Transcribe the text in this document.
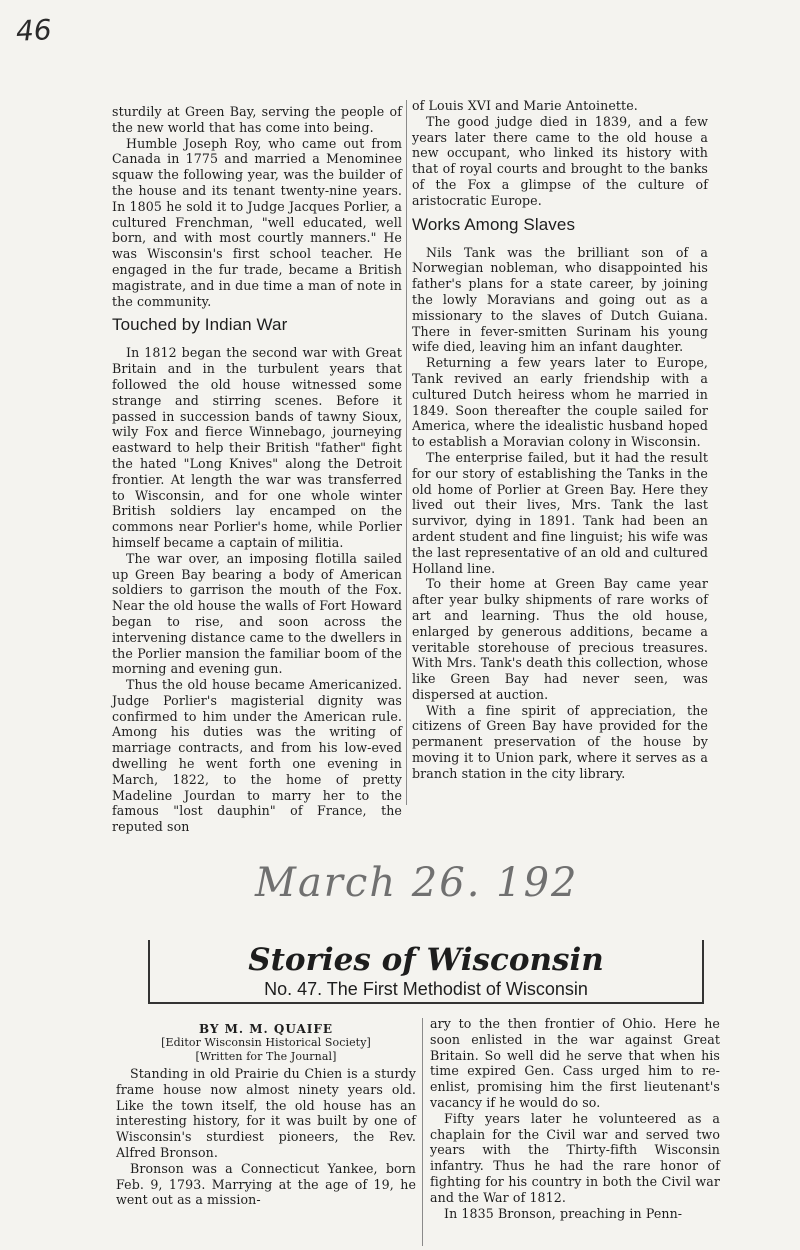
46

sturdily at Green Bay, serving the people of the new world that has come into being.

Humble Joseph Roy, who came out from Canada in 1775 and married a Menominee squaw the following year, was the builder of the house and its tenant twenty-nine years. In 1805 he sold it to Judge Jacques Porlier, a cultured Frenchman, "well educated, well born, and with most courtly manners." He was Wisconsin's first school teacher. He engaged in the fur trade, became a British magistrate, and in due time a man of note in the community.

Touched by Indian War

In 1812 began the second war with Great Britain and in the turbulent years that followed the old house witnessed some strange and stirring scenes. Before it passed in succession bands of tawny Sioux, wily Fox and fierce Winnebago, journeying eastward to help their British "father" fight the hated "Long Knives" along the Detroit frontier. At length the war was transferred to Wisconsin, and for one whole winter British soldiers lay encamped on the commons near Porlier's home, while Porlier himself became a captain of militia.

The war over, an imposing flotilla sailed up Green Bay bearing a body of American soldiers to garrison the mouth of the Fox. Near the old house the walls of Fort Howard began to rise, and soon across the intervening distance came to the dwellers in the Porlier mansion the familiar boom of the morning and evening gun.

Thus the old house became Americanized. Judge Porlier's magisterial dignity was confirmed to him under the American rule. Among his duties was the writing of marriage contracts, and from his low-eved dwelling he went forth one evening in March, 1822, to the home of pretty Madeline Jourdan to marry her to the famous "lost dauphin" of France, the reputed son

of Louis XVI and Marie Antoinette.

The good judge died in 1839, and a few years later there came to the old house a new occupant, who linked its history with that of royal courts and brought to the banks of the Fox a glimpse of the culture of aristocratic Europe.

Works Among Slaves

Nils Tank was the brilliant son of a Norwegian nobleman, who disappointed his father's plans for a state career, by joining the lowly Moravians and going out as a missionary to the slaves of Dutch Guiana. There in fever-smitten Surinam his young wife died, leaving him an infant daughter.

Returning a few years later to Europe, Tank revived an early friendship with a cultured Dutch heiress whom he married in 1849. Soon thereafter the couple sailed for America, where the idealistic husband hoped to establish a Moravian colony in Wisconsin.

The enterprise failed, but it had the result for our story of establishing the Tanks in the old home of Porlier at Green Bay. Here they lived out their lives, Mrs. Tank the last survivor, dying in 1891. Tank had been an ardent student and fine linguist; his wife was the last representative of an old and cultured Holland line.

To their home at Green Bay came year after year bulky shipments of rare works of art and learning. Thus the old house, enlarged by generous additions, became a veritable storehouse of precious treasures. With Mrs. Tank's death this collection, whose like Green Bay had never seen, was dispersed at auction.

With a fine spirit of appreciation, the citizens of Green Bay have provided for the permanent preservation of the house by moving it to Union park, where it serves as a branch station in the city library.

March 26. 192
Stories of Wisconsin
No. 47. The First Methodist of Wisconsin
BY M. M. QUAIFE
[Editor Wisconsin Historical Society]
[Written for The Journal]

Standing in old Prairie du Chien is a sturdy frame house now almost ninety years old. Like the town itself, the old house has an interesting history, for it was built by one of Wisconsin's sturdiest pioneers, the Rev. Alfred Bronson.

Bronson was a Connecticut Yankee, born Feb. 9, 1793. Marrying at the age of 19, he went out as a mission-

ary to the then frontier of Ohio. Here he soon enlisted in the war against Great Britain. So well did he serve that when his time expired Gen. Cass urged him to re-enlist, promising him the first lieutenant's vacancy if he would do so.

Fifty years later he volunteered as a chaplain for the Civil war and served two years with the Thirty-fifth Wisconsin infantry. Thus he had the rare honor of fighting for his country in both the Civil war and the War of 1812.

In 1835 Bronson, preaching in Penn-
